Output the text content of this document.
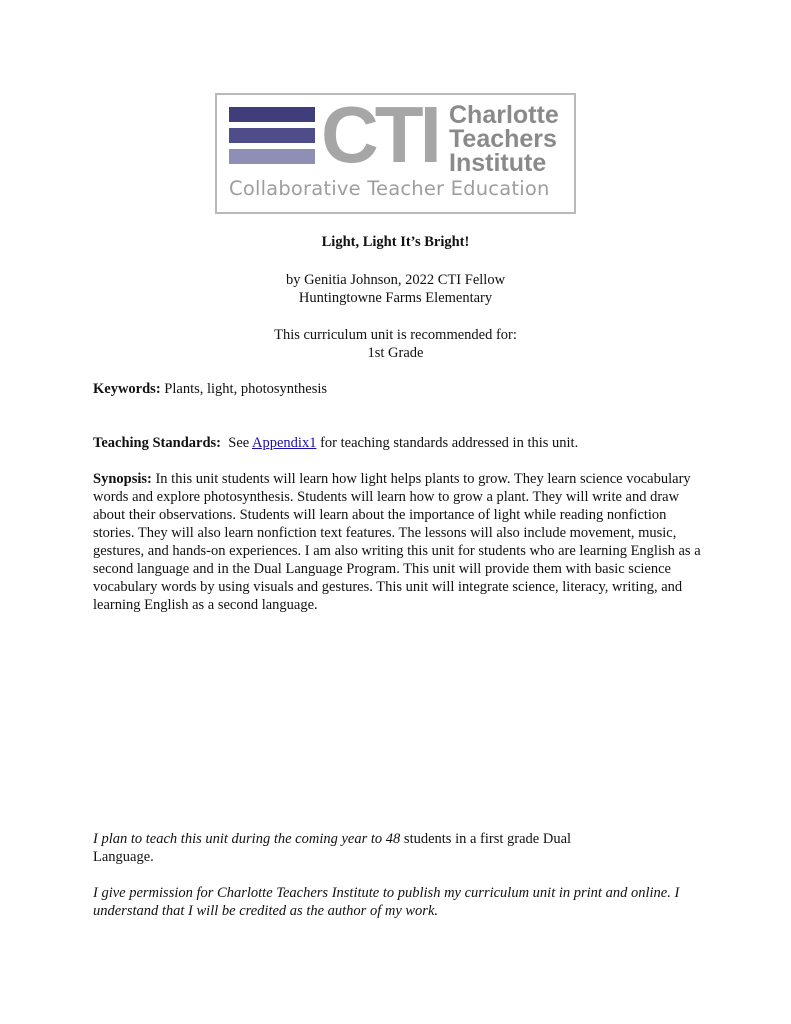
CTI Charlotte
Teachers
Institute
Collaborative Teacher Education
Light, Light It’s Bright!
by Genitia Johnson, 2022 CTI Fellow
Huntingtowne Farms Elementary
This curriculum unit is recommended for:
1st Grade
Keywords: Plants, light, photosynthesis
Teaching Standards:  See Appendix1 for teaching standards addressed in this unit.
Synopsis: In this unit students will learn how light helps plants to grow. They learn science vocabulary words and explore photosynthesis. Students will learn how to grow a plant. They will write and draw about their observations. Students will learn about the importance of light while reading nonfiction stories. They will also learn nonfiction text features. The lessons will also include movement, music, gestures, and hands-on experiences. I am also writing this unit for students who are learning English as a second language and in the Dual Language Program. This unit will provide them with basic science vocabulary words by using visuals and gestures. This unit will integrate science, literacy, writing, and learning English as a second language.
I plan to teach this unit during the coming year to 48 students in a first grade Dual Language.
I give permission for Charlotte Teachers Institute to publish my curriculum unit in print and online. I understand that I will be credited as the author of my work.
